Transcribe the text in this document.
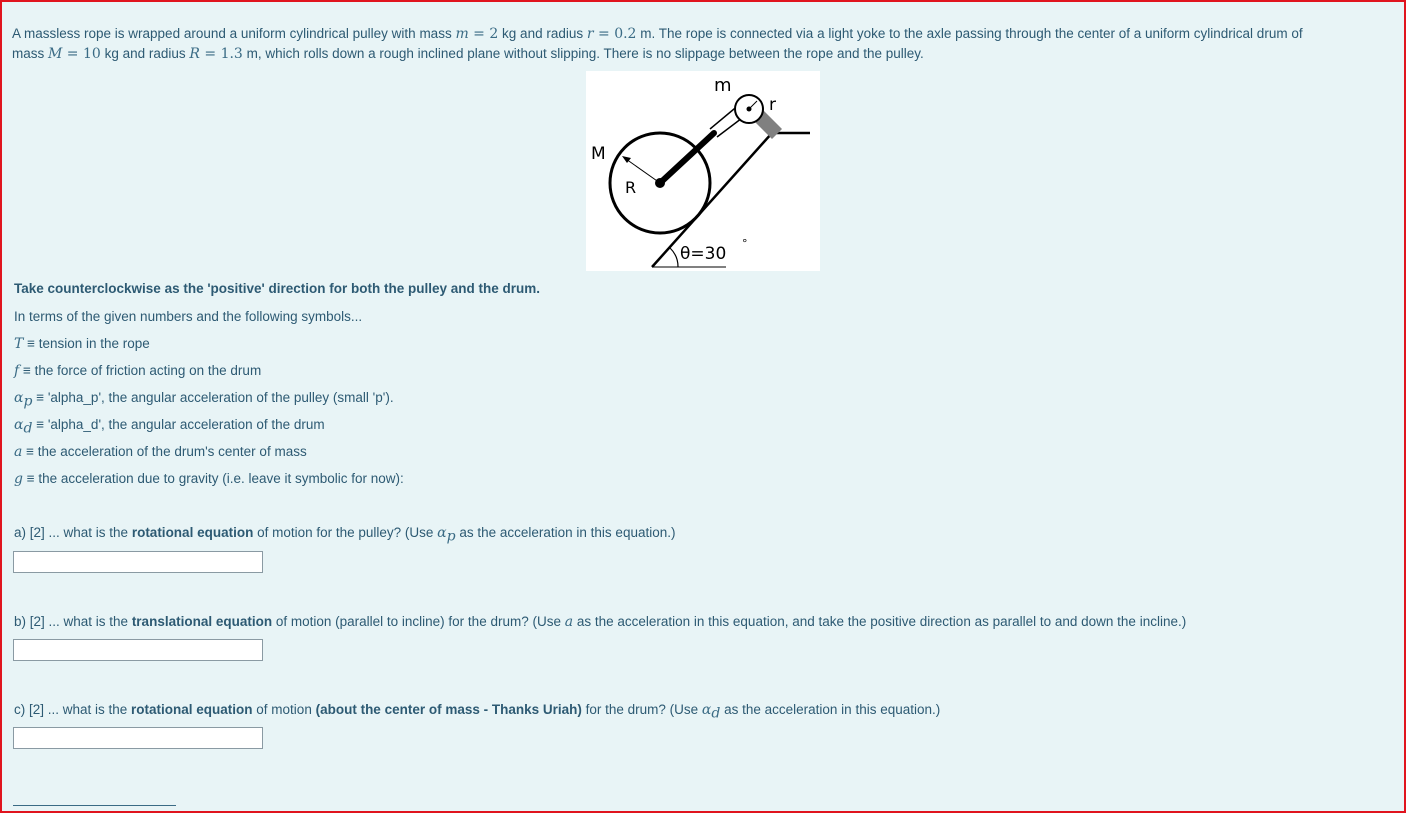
A massless rope is wrapped around a uniform cylindrical pulley with mass m = 2 kg and radius r = 0.2 m. The rope is connected via a light yoke to the axle passing through the center of a uniform cylindrical drum of
mass M = 10 kg and radius R = 1.3 m, which rolls down a rough inclined plane without slipping. There is no slippage between the rope and the pulley.

m
r
M
R
θ=30
°
Take counterclockwise as the 'positive' direction for both the pulley and the drum.
In terms of the given numbers and the following symbols...
T ≡ tension in the rope
f ≡ the force of friction acting on the drum
$\alpha_p$ ≡ 'alpha_p', the angular acceleration of the pulley (small 'p').
$\alpha_d$ ≡ 'alpha_d', the angular acceleration of the drum
a ≡ the acceleration of the drum's center of mass
g ≡ the acceleration due to gravity (i.e. leave it symbolic for now):
a) [2] ... what is the rotational equation of motion for the pulley? (Use $\alpha_p$ as the acceleration in this equation.)
b) [2] ... what is the translational equation of motion (parallel to incline) for the drum? (Use a as the acceleration in this equation, and take the positive direction as parallel to and down the incline.)
c) [2] ... what is the rotational equation of motion (about the center of mass - Thanks Uriah) for the drum? (Use $\alpha_d$ as the acceleration in this equation.)
